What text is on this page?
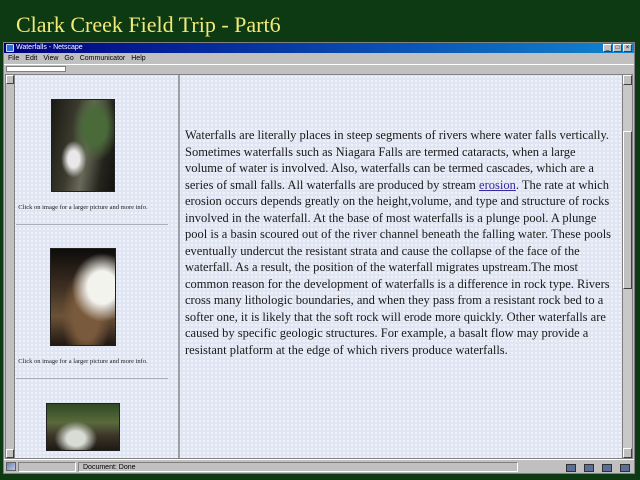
Clark Creek Field Trip - Part6
Waterfalls - Netscape	_	□	×
File Edit View Go Communicator Help
Click on image for a larger picture and more info.
Click on image for a larger picture and more info.
Waterfalls are literally places in steep segments of rivers where water falls vertically. Sometimes waterfalls such as Niagara Falls are termed cataracts, when a large volume of water is involved. Also, waterfalls can be termed cascades, which are a series of small falls. All waterfalls are produced by stream erosion. The rate at which erosion occurs depends greatly on the height,volume, and type and structure of rocks involved in the waterfall. At the base of most waterfalls is a plunge pool. A plunge pool is a basin scoured out of the river channel beneath the falling water. These pools eventually undercut the resistant strata and cause the collapse of the face of the waterfall. As a result, the position of the waterfall migrates upstream.The most common reason for the development of waterfalls is a difference in rock type. Rivers cross many lithologic boundaries, and when they pass from a resistant rock bed to a softer one, it is likely that the soft rock will erode more quickly. Other waterfalls are caused by specific geologic structures. For example, a basalt flow may provide a resistant platform at the edge of which rivers produce waterfalls.
Document: Done
